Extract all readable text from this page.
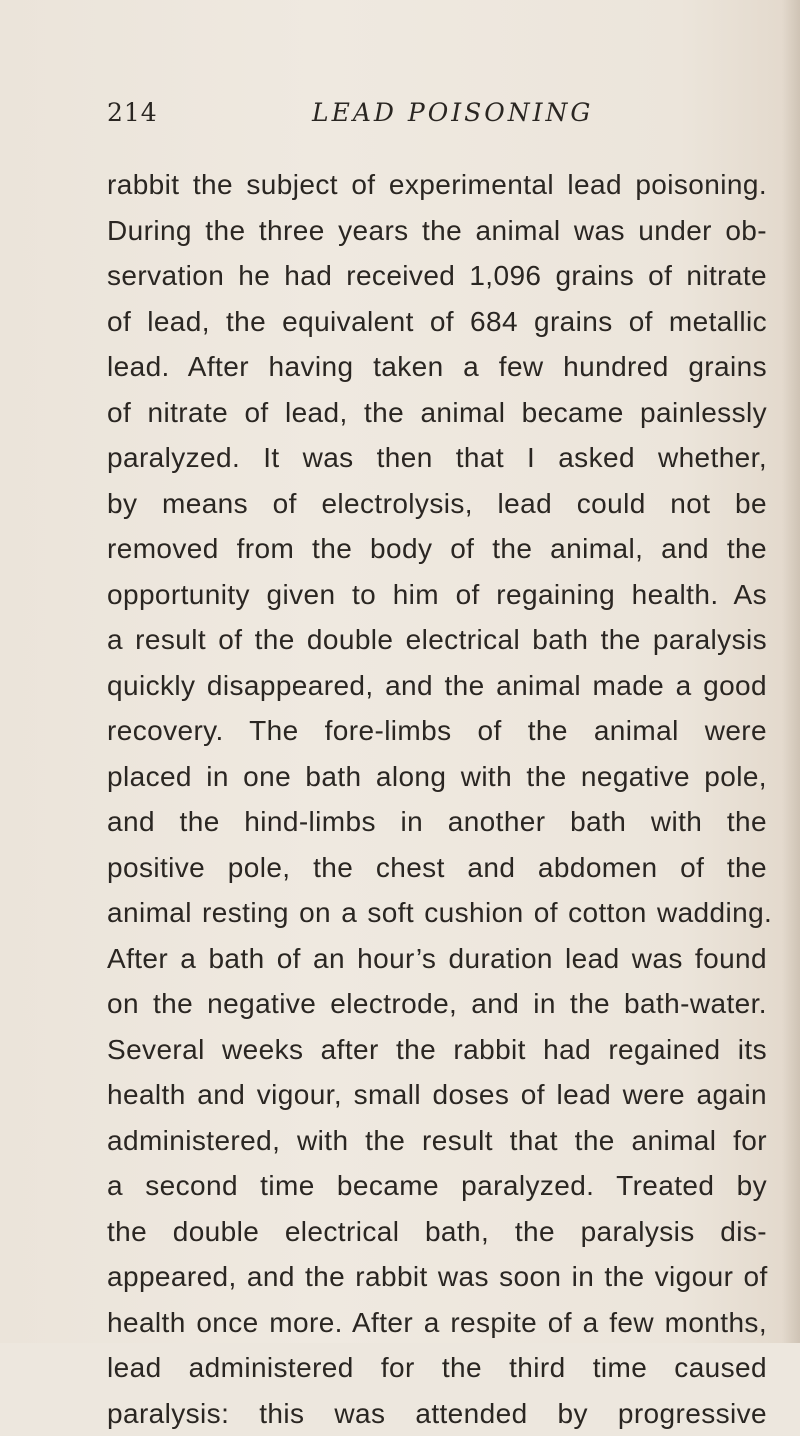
214	LEAD POISONING
rabbit the subject of experimental lead poisoning.
During the three years the animal was under ob-
servation he had received 1,096 grains of nitrate
of lead, the equivalent of 684 grains of metallic
lead. After having taken a few hundred grains
of nitrate of lead, the animal became painlessly
paralyzed. It was then that I asked whether,
by means of electrolysis, lead could not be
removed from the body of the animal, and the
opportunity given to him of regaining health. As
a result of the double electrical bath the paralysis
quickly disappeared, and the animal made a good
recovery. The fore-limbs of the animal were
placed in one bath along with the negative pole,
and the hind-limbs in another bath with the
positive pole, the chest and abdomen of the
animal resting on a soft cushion of cotton wadding.
After a bath of an hour’s duration lead was found
on the negative electrode, and in the bath-water.
Several weeks after the rabbit had regained its
health and vigour, small doses of lead were again
administered, with the result that the animal for
a second time became paralyzed. Treated by
the double electrical bath, the paralysis dis-
appeared, and the rabbit was soon in the vigour of
health once more. After a respite of a few months,
lead administered for the third time caused
paralysis: this was attended by progressive
